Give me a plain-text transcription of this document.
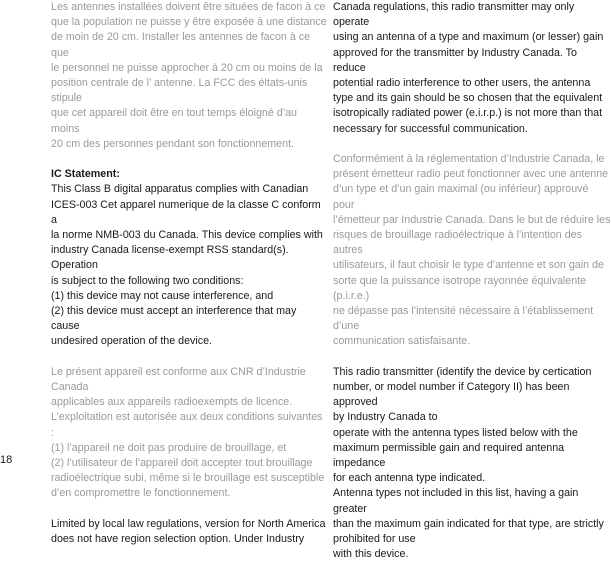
Les antennes installées doivent être situées de facon à ce
que la population ne puisse y être exposée à une distance
de moin de 20 cm. Installer les antennes de facon à ce que
le personnel ne puisse approcher à 20 cm ou moins de la
position centrale de l’ antenne. La FCC des éltats-unis stipule
que cet appareil doit être en tout temps éloigné d’au moins
20 cm des personnes pendant son fonctionnement.

IC Statement:

This Class B digital apparatus complies with Canadian
ICES-003 Cet apparel numerique de la classe C conform a
la norme NMB-003 du Canada. This device complies with
industry Canada license-exempt RSS standard(s). Operation
is subject to the following two conditions:
(1) this device may not cause interference, and
(2) this device must accept an interference that may cause
undesired operation of the device.

Le présent appareil est conforme aux CNR d’Industrie Canada
applicables aux appareils radioexempts de licence.
L’exploitation est autorisée aux deux conditions suivantes :
(1) l’appareil ne doit pas produire de brouillage, et
(2) l’utilisateur de l’appareil doit accepter tout brouillage
radioélectrique subi, même si le brouillage est susceptible
d’en compromettre le fonctionnement.

Limited by local law regulations, version for North America
does not have region selection option. Under Industry

Canada regulations, this radio transmitter may only operate
using an antenna of a type and maximum (or lesser) gain
approved for the transmitter by Industry Canada. To reduce
potential radio interference to other users, the antenna
type and its gain should be so chosen that the equivalent
isotropically radiated power (e.i.r.p.) is not more than that
necessary for successful communication.

Conformément à la réglementation d’Industrie Canada, le
présent émetteur radio peut fonctionner avec une antenne
d’un type et d’un gain maximal (ou inférieur) approuvé pour
l’émetteur par Industrie Canada. Dans le but de réduire les
risques de brouillage radioélectrique à l’intention des autres
utilisateurs, il faut choisir le type d’antenne et son gain de
sorte que la puissance isotrope rayonnée équivalente (p.i.r.e.)
ne dépasse pas l’intensité nécessaire à l’établissement d’une
communication satisfaisante.

This radio transmitter (identify the device by certication
number, or model number if Category II) has been approved
by Industry Canada to
operate with the antenna types listed below with the
maximum permissible gain and required antenna impedance
for each antenna type indicated.
Antenna types not included in this list, having a gain greater
than the maximum gain indicated for that type, are strictly
prohibited for use
with this device.

18
